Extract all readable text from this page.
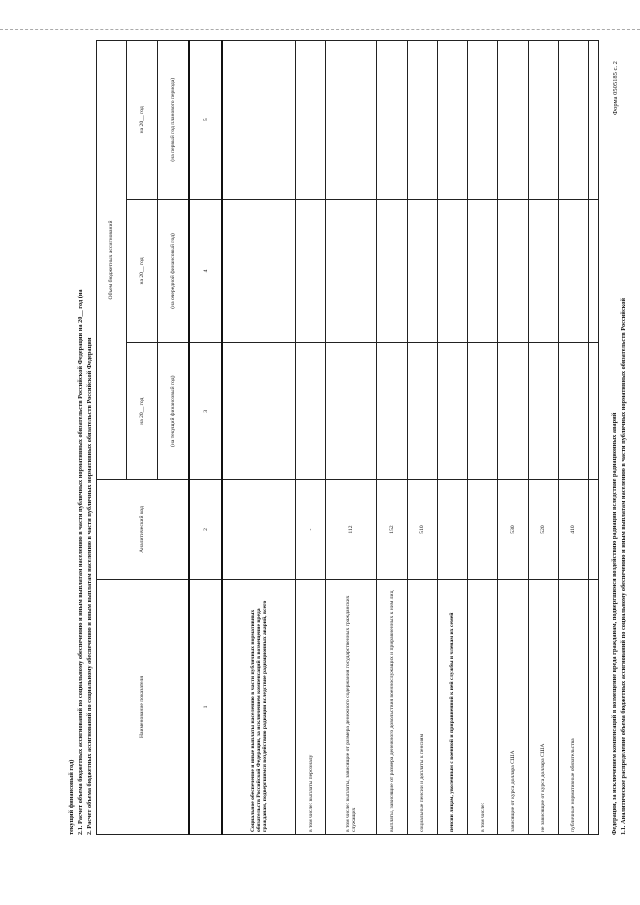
Форма 0505185 с. 2
1.1. Аналитическое распределение объема бюджетных ассигнований по социальному обеспечению и иным выплатам населению в части публичных нормативных обязательств Российской
Федерации, за исключением компенсаций в возмещение вреда гражданам, подвергшимся воздействию радиации вследствие радиационных аварий
Наименование показателя	Аналитический код	Объем бюджетных ассигнований		
		на 20__ год	на 20__ год	на 20__ год
		(на текущий финансовый год)	(на очередной финансовый год)	(на первый год планового периода)
1	2	3	4	5
Социальное обеспечение и иные выплаты населению в части публичных нормативных обязательств Российской Федерации, за исключением компенсаций в возмещение вреда гражданам, подвергшимся воздействию радиации вследствие радиационных аварий, всего				
в том числе: выплаты персоналу	-			
в том числе: выплаты, зависящие от размера денежного содержания государственных гражданских служащих	112			
выплаты, зависящие от размера денежного довольствия военнослужащих и приравненных к ним лиц	152			
социальные пенсии и доплаты к пенсиям	510			
пенсии лицам, уволенным с военной и приравненной к ней службы и членам их семей				
в том числе:				
зависящие от курса доллара США	530			
не зависящие от курса доллара США	520			
публичные нормативные обязательства	410			

2. Расчет объема бюджетных ассигнований по социальному обеспечению и иным выплатам населению в части публичных нормативных обязательств Российской Федерации
2.1. Расчет объема бюджетных ассигнований по социальному обеспечению и иным выплатам населению в части публичных нормативных обязательств Российской Федерации на 20__ год (на
текущий финансовый год)
